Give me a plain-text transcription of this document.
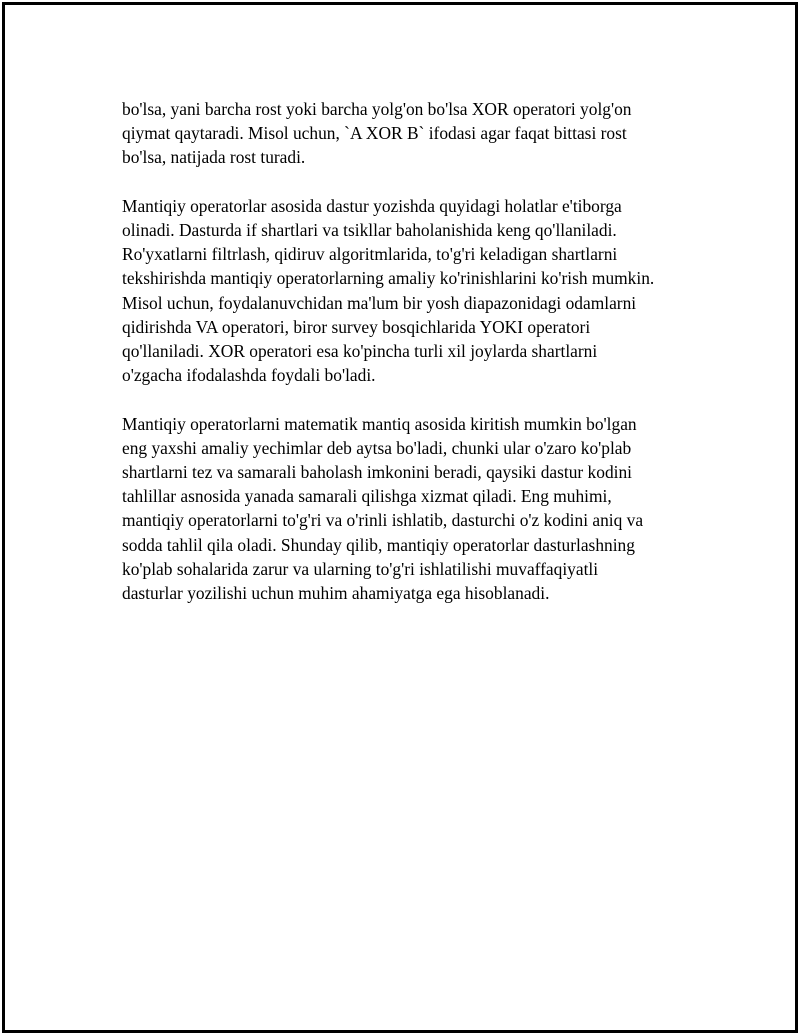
bo'lsa, yani barcha rost yoki barcha yolg'on bo'lsa XOR operatori yolg'on
qiymat qaytaradi. Misol uchun, `A XOR B` ifodasi agar faqat bittasi rost
bo'lsa, natijada rost turadi.

Mantiqiy operatorlar asosida dastur yozishda quyidagi holatlar e'tiborga
olinadi. Dasturda if shartlari va tsikllar baholanishida keng qo'llaniladi.
Ro'yxatlarni filtrlash, qidiruv algoritmlarida, to'g'ri keladigan shartlarni
tekshirishda mantiqiy operatorlarning amaliy ko'rinishlarini ko'rish mumkin.
Misol uchun, foydalanuvchidan ma'lum bir yosh diapazonidagi odamlarni
qidirishda VA operatori, biror survey bosqichlarida YOKI operatori
qo'llaniladi. XOR operatori esa ko'pincha turli xil joylarda shartlarni
o'zgacha ifodalashda foydali bo'ladi.

Mantiqiy operatorlarni matematik mantiq asosida kiritish mumkin bo'lgan
eng yaxshi amaliy yechimlar deb aytsa bo'ladi, chunki ular o'zaro ko'plab
shartlarni tez va samarali baholash imkonini beradi, qaysiki dastur kodini
tahlillar asnosida yanada samarali qilishga xizmat qiladi. Eng muhimi,
mantiqiy operatorlarni to'g'ri va o'rinli ishlatib, dasturchi o'z kodini aniq va
sodda tahlil qila oladi. Shunday qilib, mantiqiy operatorlar dasturlashning
ko'plab sohalarida zarur va ularning to'g'ri ishlatilishi muvaffaqiyatli
dasturlar yozilishi uchun muhim ahamiyatga ega hisoblanadi.
